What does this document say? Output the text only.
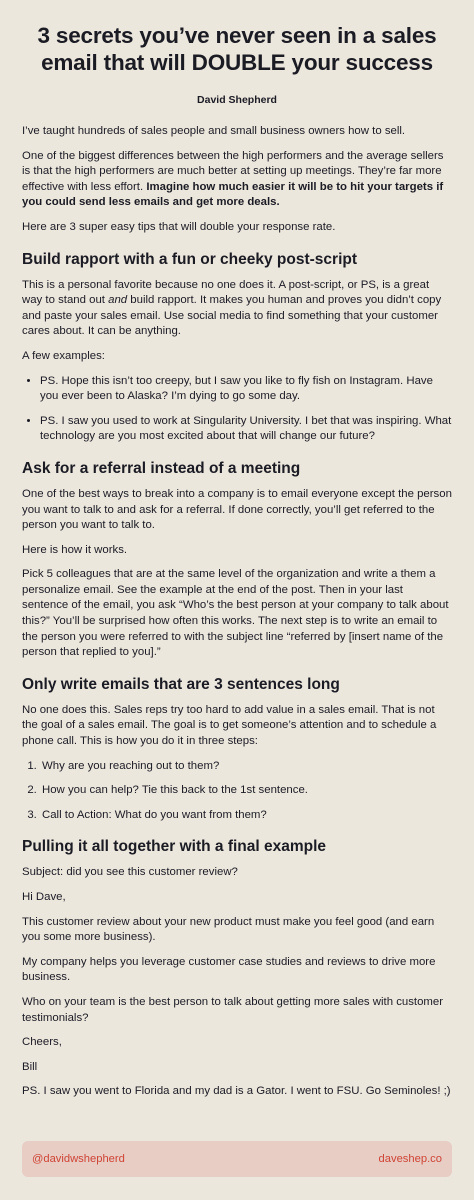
3 secrets you’ve never seen in a sales email that will DOUBLE your success
David Shepherd

I’ve taught hundreds of sales people and small business owners how to sell.

One of the biggest differences between the high performers and the average sellers is that the high performers are much better at setting up meetings. They’re far more effective with less effort. Imagine how much easier it will be to hit your targets if you could send less emails and get more deals.

Here are 3 super easy tips that will double your response rate.

Build rapport with a fun or cheeky post-script

This is a personal favorite because no one does it. A post-script, or PS, is a great way to stand out and build rapport. It makes you human and proves you didn’t copy and paste your sales email. Use social media to find something that your customer cares about. It can be anything.

A few examples:

• PS. Hope this isn’t too creepy, but I saw you like to fly fish on Instagram. Have you ever been to Alaska? I’m dying to go some day.
• PS. I saw you used to work at Singularity University. I bet that was inspiring. What technology are you most excited about that will change our future?
Ask for a referral instead of a meeting

One of the best ways to break into a company is to email everyone except the person you want to talk to and ask for a referral. If done correctly, you’ll get referred to the person you want to talk to.

Here is how it works.

Pick 5 colleagues that are at the same level of the organization and write a them a personalize email. See the example at the end of the post. Then in your last sentence of the email, you ask “Who’s the best person at your company to talk about this?” You’ll be surprised how often this works. The next step is to write an email to the person you were referred to with the subject line “referred by [insert name of the person that replied to you].”

Only write emails that are 3 sentences long

No one does this. Sales reps try too hard to add value in a sales email. That is not the goal of a sales email. The goal is to get someone’s attention and to schedule a phone call. This is how you do it in three steps:

1. Why are you reaching out to them?
2. How you can help? Tie this back to the 1st sentence.
3. Call to Action: What do you want from them?
Pulling it all together with a final example

Subject: did you see this customer review?

Hi Dave,

This customer review about your new product must make you feel good (and earn you some more business).

My company helps you leverage customer case studies and reviews to drive more business.

Who on your team is the best person to talk about getting more sales with customer testimonials?

Cheers,

Bill

PS. I saw you went to Florida and my dad is a Gator. I went to FSU. Go Seminoles! ;)

@davidwshepherd	daveshep.co
